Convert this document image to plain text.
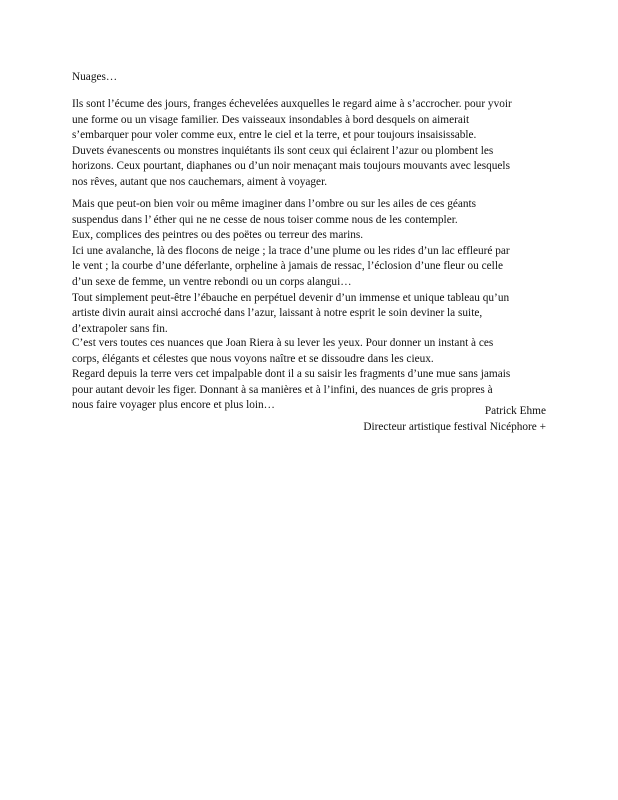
Nuages…
Ils sont l’écume des jours, franges échevelées auxquelles le regard aime à s’accrocher. pour yvoir
une forme ou un visage familier. Des vaisseaux insondables à bord desquels on aimerait
s’embarquer pour voler comme eux, entre le ciel et la terre, et pour toujours insaisissable.
Duvets évanescents ou monstres inquiétants ils sont ceux qui éclairent l’azur ou plombent les
horizons. Ceux pourtant, diaphanes ou d’un noir menaçant mais toujours mouvants avec lesquels
nos rêves, autant que nos cauchemars, aiment à voyager.
Mais que peut-on bien voir ou même imaginer dans l’ombre ou sur les ailes de ces géants
suspendus dans l’ éther qui ne ne cesse de nous toiser comme nous de les contempler.
Eux, complices des peintres ou des poëtes ou terreur des marins.
Ici une avalanche, là des flocons de neige ; la trace d’une plume ou les rides d’un lac effleuré par
le vent ; la courbe d’une déferlante, orpheline à jamais de ressac, l’éclosion d’une fleur ou celle
d’un sexe de femme, un ventre rebondi ou un corps alangui…
Tout simplement peut-être l’ébauche en perpétuel devenir d’un immense et unique tableau qu’un
artiste divin aurait ainsi accroché dans l’azur, laissant à notre esprit le soin deviner la suite,
d’extrapoler sans fin.
C’est vers toutes ces nuances que Joan Riera à su lever les yeux. Pour donner un instant à ces
corps, élégants et célestes que nous voyons naître et se dissoudre dans les cieux.
Regard depuis la terre vers cet impalpable dont il a su saisir les fragments d’une mue sans jamais
pour autant devoir les figer. Donnant à sa manières et à l’infini, des nuances de gris propres à
nous faire voyager plus encore et plus loin…	Patrick Ehme
Directeur artistique festival Nicéphore +
